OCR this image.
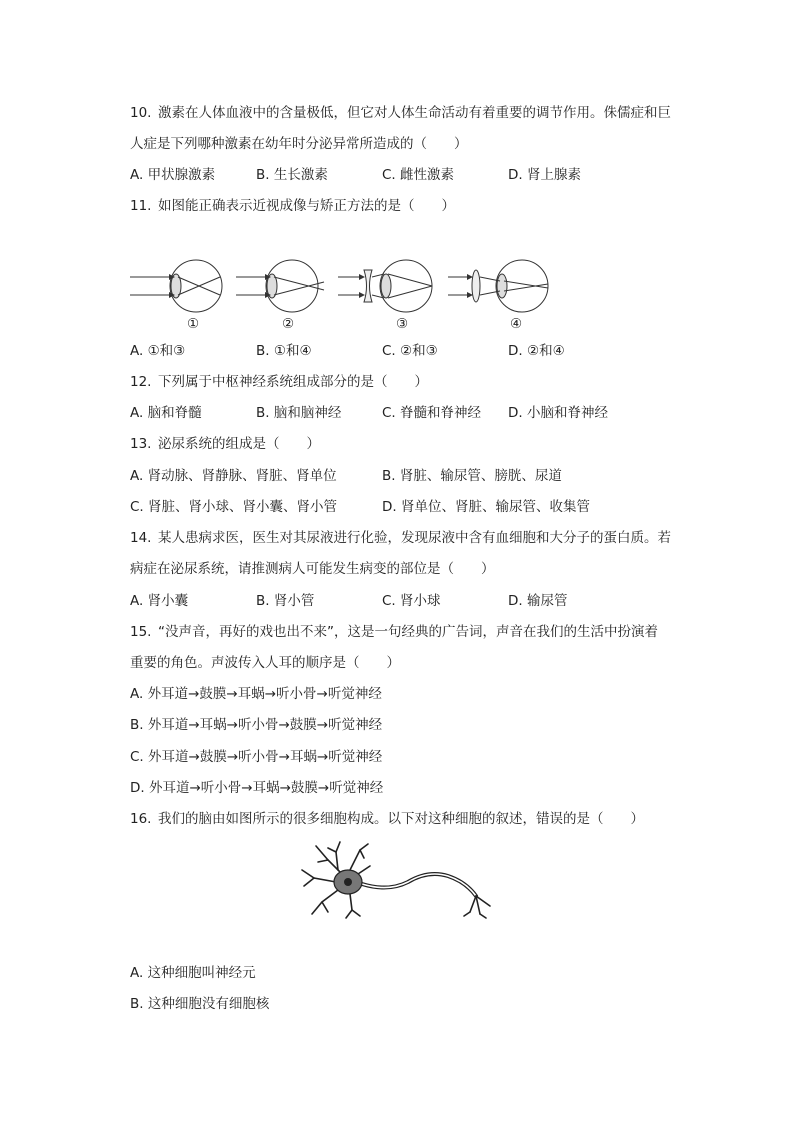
10. 激素在人体血液中的含量极低，但它对人体生命活动有着重要的调节作用。侏儒症和巨
人症是下列哪种激素在幼年时分泌异常所造成的（　　）
A. 甲状腺激素	B. 生长激素	C. 雌性激素	D. 肾上腺素
11. 如图能正确表示近视成像与矫正方法的是（　　）
①	②	③	④
A. ①和③	B. ①和④	C. ②和③	D. ②和④
12. 下列属于中枢神经系统组成部分的是（　　）
A. 脑和脊髓	B. 脑和脑神经	C. 脊髓和脊神经 D. 小脑和脊神经
13. 泌尿系统的组成是（　　）
A. 肾动脉、肾静脉、肾脏、肾单位	B. 肾脏、输尿管、膀胱、尿道
C. 肾脏、肾小球、肾小囊、肾小管	D. 肾单位、肾脏、输尿管、收集管
14. 某人患病求医，医生对其尿液进行化验，发现尿液中含有血细胞和大分子的蛋白质。若
病症在泌尿系统，请推测病人可能发生病变的部位是（　　）
A. 肾小囊	B. 肾小管	C. 肾小球	D. 输尿管
15. “没声音，再好的戏也出不来”，这是一句经典的广告词，声音在我们的生活中扮演着
重要的角色。声波传入人耳的顺序是（　　）
A. 外耳道→鼓膜→耳蜗→听小骨→听觉神经
B. 外耳道→耳蜗→听小骨→鼓膜→听觉神经
C. 外耳道→鼓膜→听小骨→耳蜗→听觉神经
D. 外耳道→听小骨→耳蜗→鼓膜→听觉神经
16. 我们的脑由如图所示的很多细胞构成。以下对这种细胞的叙述，错误的是（　　）
A. 这种细胞叫神经元
B. 这种细胞没有细胞核
